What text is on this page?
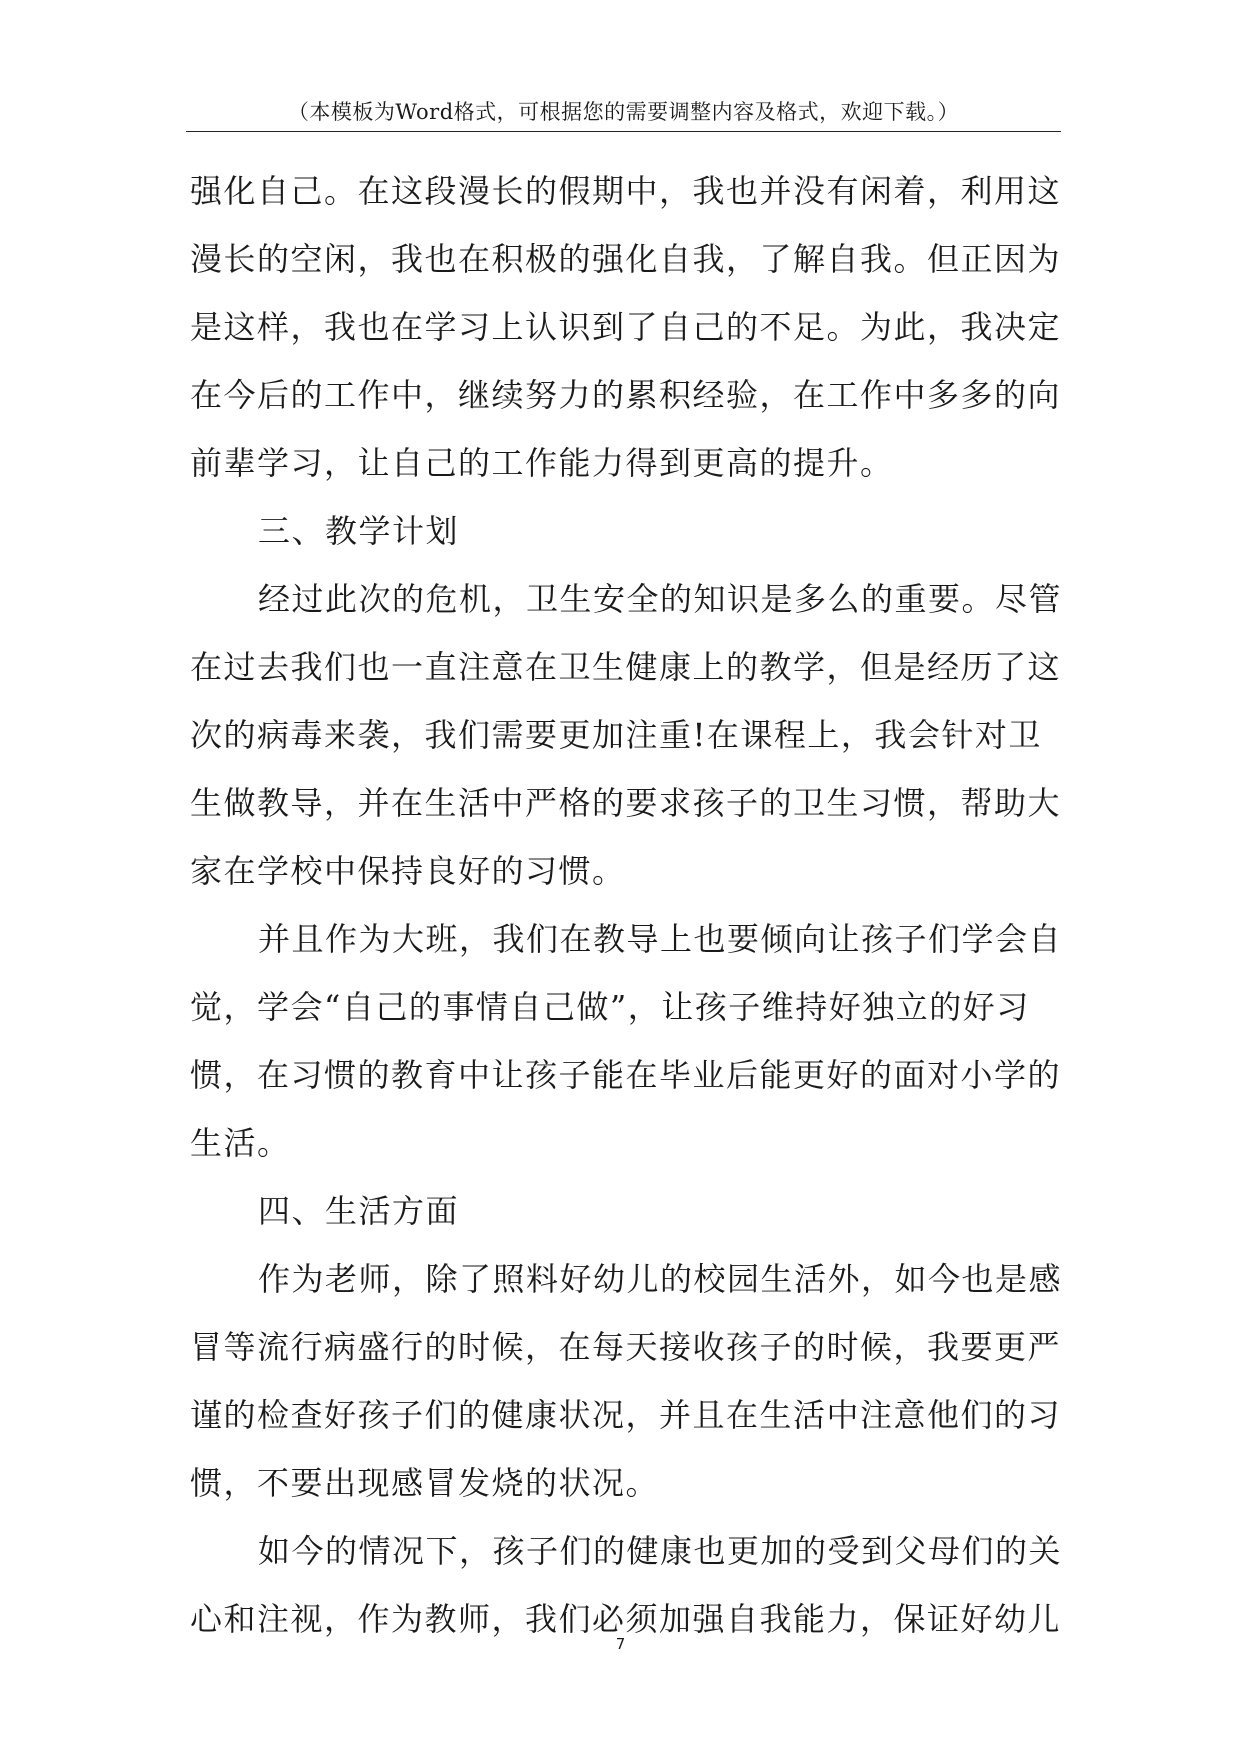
（本模板为Word格式，可根据您的需要调整内容及格式，欢迎下载。）
强化自己。在这段漫长的假期中，我也并没有闲着，利用这
漫长的空闲，我也在积极的强化自我，了解自我。但正因为
是这样，我也在学习上认识到了自己的不足。为此，我决定
在今后的工作中，继续努力的累积经验，在工作中多多的向
前辈学习，让自己的工作能力得到更高的提升。
三、教学计划
经过此次的危机，卫生安全的知识是多么的重要。尽管
在过去我们也一直注意在卫生健康上的教学，但是经历了这
次的病毒来袭，我们需要更加注重!在课程上，我会针对卫
生做教导，并在生活中严格的要求孩子的卫生习惯，帮助大
家在学校中保持良好的习惯。
并且作为大班，我们在教导上也要倾向让孩子们学会自
觉，学会“自己的事情自己做”，让孩子维持好独立的好习
惯，在习惯的教育中让孩子能在毕业后能更好的面对小学的
生活。
四、生活方面
作为老师，除了照料好幼儿的校园生活外，如今也是感
冒等流行病盛行的时候，在每天接收孩子的时候，我要更严
谨的检查好孩子们的健康状况，并且在生活中注意他们的习
惯，不要出现感冒发烧的状况。
如今的情况下，孩子们的健康也更加的受到父母们的关
心和注视，作为教师，我们必须加强自我能力，保证好幼儿
7
